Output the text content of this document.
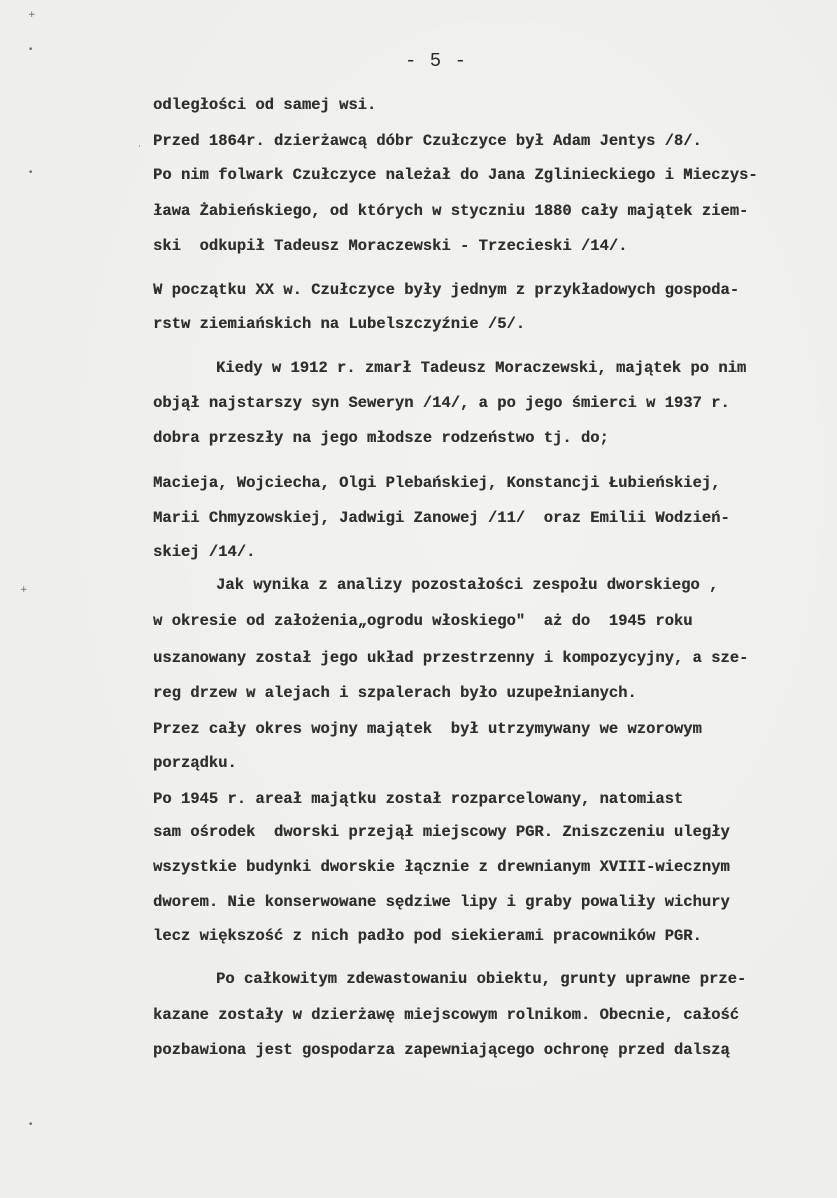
+
•
•
+
•
·
- 5 -
odległości od samej wsi.
Przed 1864r. dzierżawcą dóbr Czułczyce był Adam Jentys /8/.
Po nim folwark Czułczyce należał do Jana Zglinieckiego i Mieczys-
ława Żabieńskiego, od których w styczniu 1880 cały majątek ziem-
ski  odkupił Tadeusz Moraczewski - Trzecieski /14/.
W początku XX w. Czułczyce były jednym z przykładowych gospoda-
rstw ziemiańskich na Lubelszczyźnie /5/.
Kiedy w 1912 r. zmarł Tadeusz Moraczewski, majątek po nim
objął najstarszy syn Seweryn /14/, a po jego śmierci w 1937 r.
dobra przeszły na jego młodsze rodzeństwo tj. do;
Macieja, Wojciecha, Olgi Plebańskiej, Konstancji Łubieńskiej,
Marii Chmyzowskiej, Jadwigi Zanowej /11/  oraz Emilii Wodzień-
skiej /14/.
Jak wynika z analizy pozostałości zespołu dworskiego ,
w okresie od założenia„ogrodu włoskiego"  aż do  1945 roku
uszanowany został jego układ przestrzenny i kompozycyjny, a sze-
reg drzew w alejach i szpalerach było uzupełnianych.
Przez cały okres wojny majątek  był utrzymywany we wzorowym
porządku.
Po 1945 r. areał majątku został rozparcelowany, natomiast
sam ośrodek  dworski przejął miejscowy PGR. Zniszczeniu uległy
wszystkie budynki dworskie łącznie z drewnianym XVIII-wiecznym
dworem. Nie konserwowane sędziwe lipy i graby powaliły wichury
lecz większość z nich padło pod siekierami pracowników PGR.
Po całkowitym zdewastowaniu obiektu, grunty uprawne prze-
kazane zostały w dzierżawę miejscowym rolnikom. Obecnie, całość
pozbawiona jest gospodarza zapewniającego ochronę przed dalszą
